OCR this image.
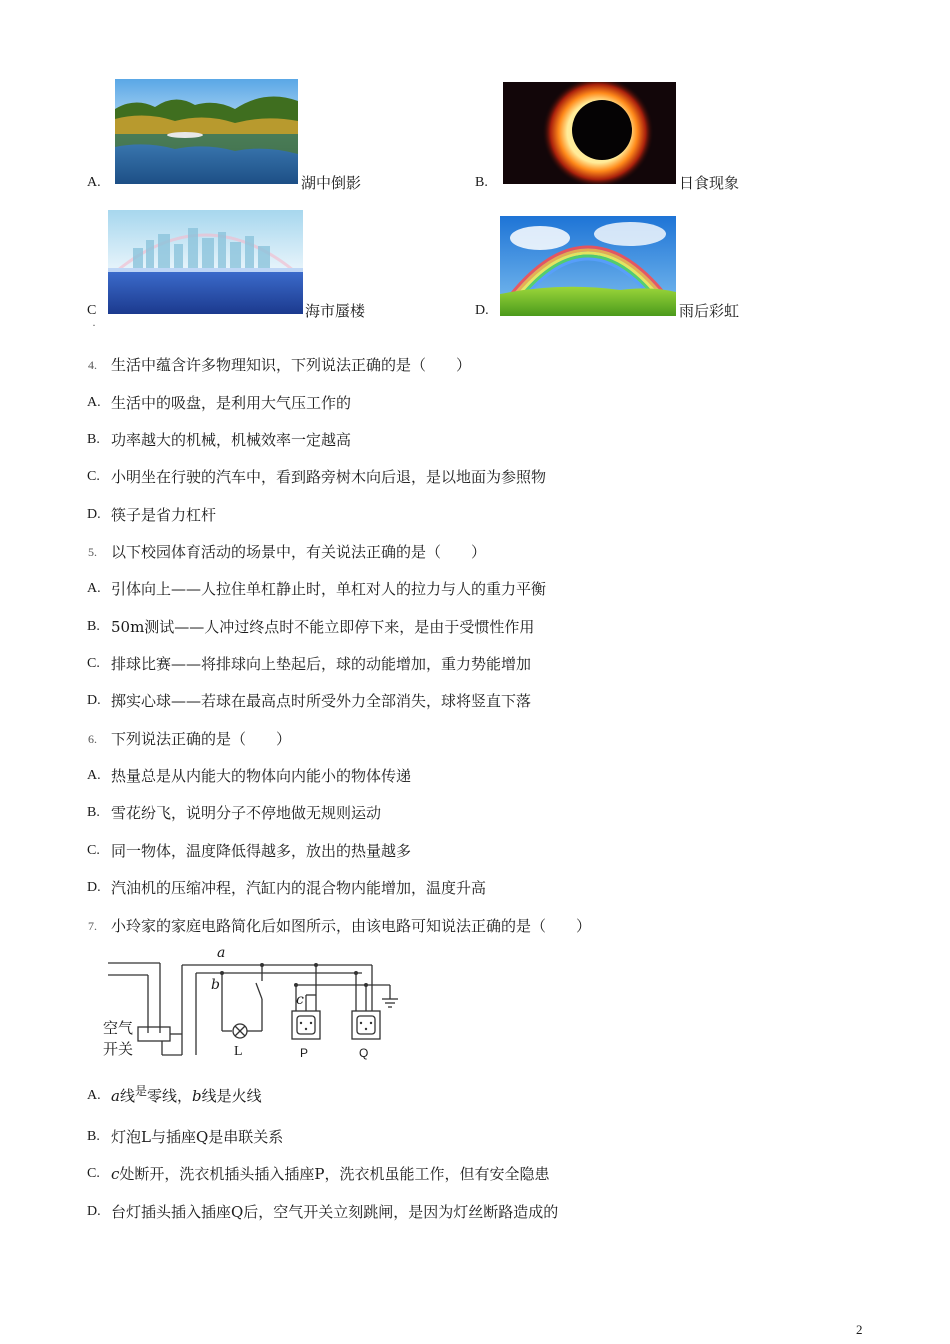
A.	湖中倒影	B.	日食现象
C
·
海市蜃楼	D.	雨后彩虹
4. 生活中蕴含许多物理知识，下列说法正确的是（　　）
A. 生活中的吸盘，是利用大气压工作的
B. 功率越大的机械，机械效率一定越高
C. 小明坐在行驶的汽车中，看到路旁树木向后退，是以地面为参照物
D. 筷子是省力杠杆
5. 以下校园体育活动的场景中，有关说法正确的是（　　）
A. 引体向上——人拉住单杠静止时，单杠对人的拉力与人的重力平衡
B. 50m测试——人冲过终点时不能立即停下来，是由于受惯性作用
C. 排球比赛——将排球向上垫起后，球的动能增加，重力势能增加
D. 掷实心球——若球在最高点时所受外力全部消失，球将竖直下落
6. 下列说法正确的是（　　）
A. 热量总是从内能大的物体向内能小的物体传递
B. 雪花纷飞，说明分子不停地做无规则运动
C. 同一物体，温度降低得越多，放出的热量越多
D. 汽油机的压缩冲程，汽缸内的混合物内能增加，温度升高
7. 小玲家的家庭电路简化后如图所示，由该电路可知说法正确的是（　　）
a
b
c
空气
开关	L	P	Q
A. a线$^是$零线，b线是火线
B. 灯泡L与插座Q是串联关系
C. c处断开，洗衣机插头插入插座P，洗衣机虽能工作，但有安全隐患
D. 台灯插头插入插座Q后，空气开关立刻跳闸，是因为灯丝断路造成的
2
